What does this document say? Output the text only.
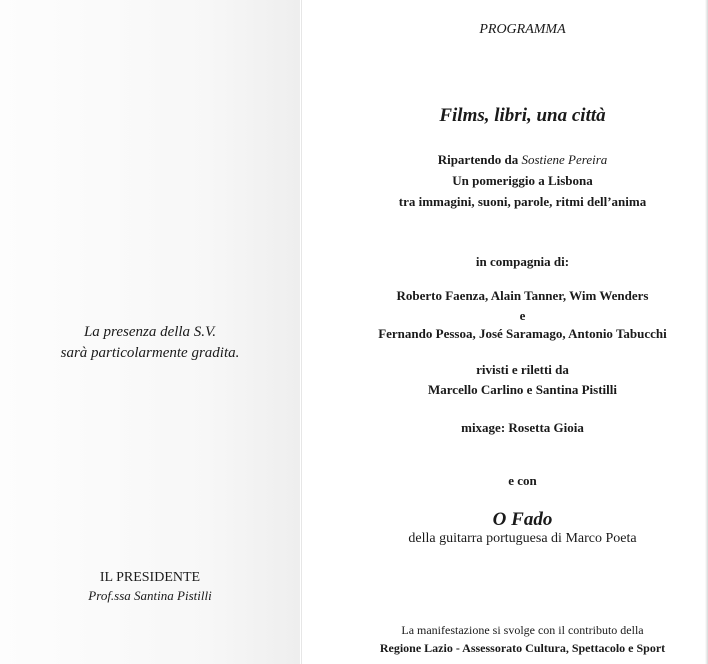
La presenza della S.V.
sarà particolarmente gradita.
IL PRESIDENTE
Prof.ssa Santina Pistilli
PROGRAMMA
Films, libri, una città
Ripartendo da Sostiene Pereira
Un pomeriggio a Lisbona
tra immagini, suoni, parole, ritmi dell’anima
in compagnia di:
Roberto Faenza, Alain Tanner, Wim Wenders
e
Fernando Pessoa, José Saramago, Antonio Tabucchi
rivisti e riletti da
Marcello Carlino e Santina Pistilli
mixage: Rosetta Gioia
e con
O Fado
della guitarra portuguesa di Marco Poeta
La manifestazione si svolge con il contributo della
Regione Lazio - Assessorato Cultura, Spettacolo e Sport
